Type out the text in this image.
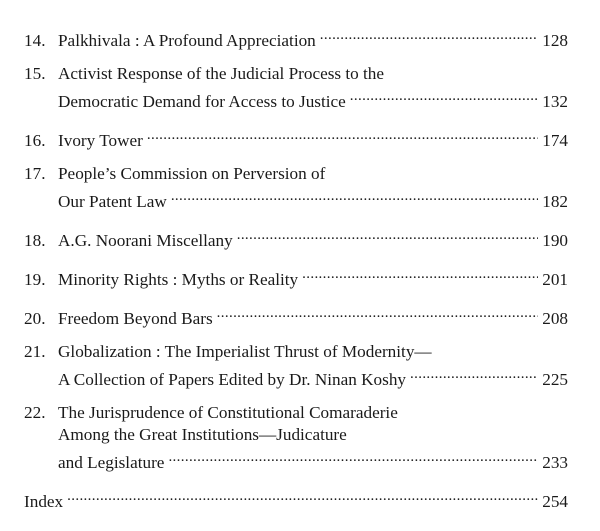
14. Palkhivala : A Profound Appreciation . . .	128
15. Activist Response of the Judicial Process to the
Democratic Demand for Access to Justice . . .	132
16. Ivory Tower . . .	174
17. People’s Commission on Perversion of
Our Patent Law . . .	182
18. A.G. Noorani Miscellany . . .	190
19. Minority Rights : Myths or Reality . . .	201
20. Freedom Beyond Bars . . .	208
21. Globalization : The Imperialist Thrust of Modernity—
A Collection of Papers Edited by Dr. Ninan Koshy . . .	225
22. The Jurisprudence of Constitutional Comaraderie
Among the Great Institutions—Judicature
and Legislature . . .	233
Index . . .	254
